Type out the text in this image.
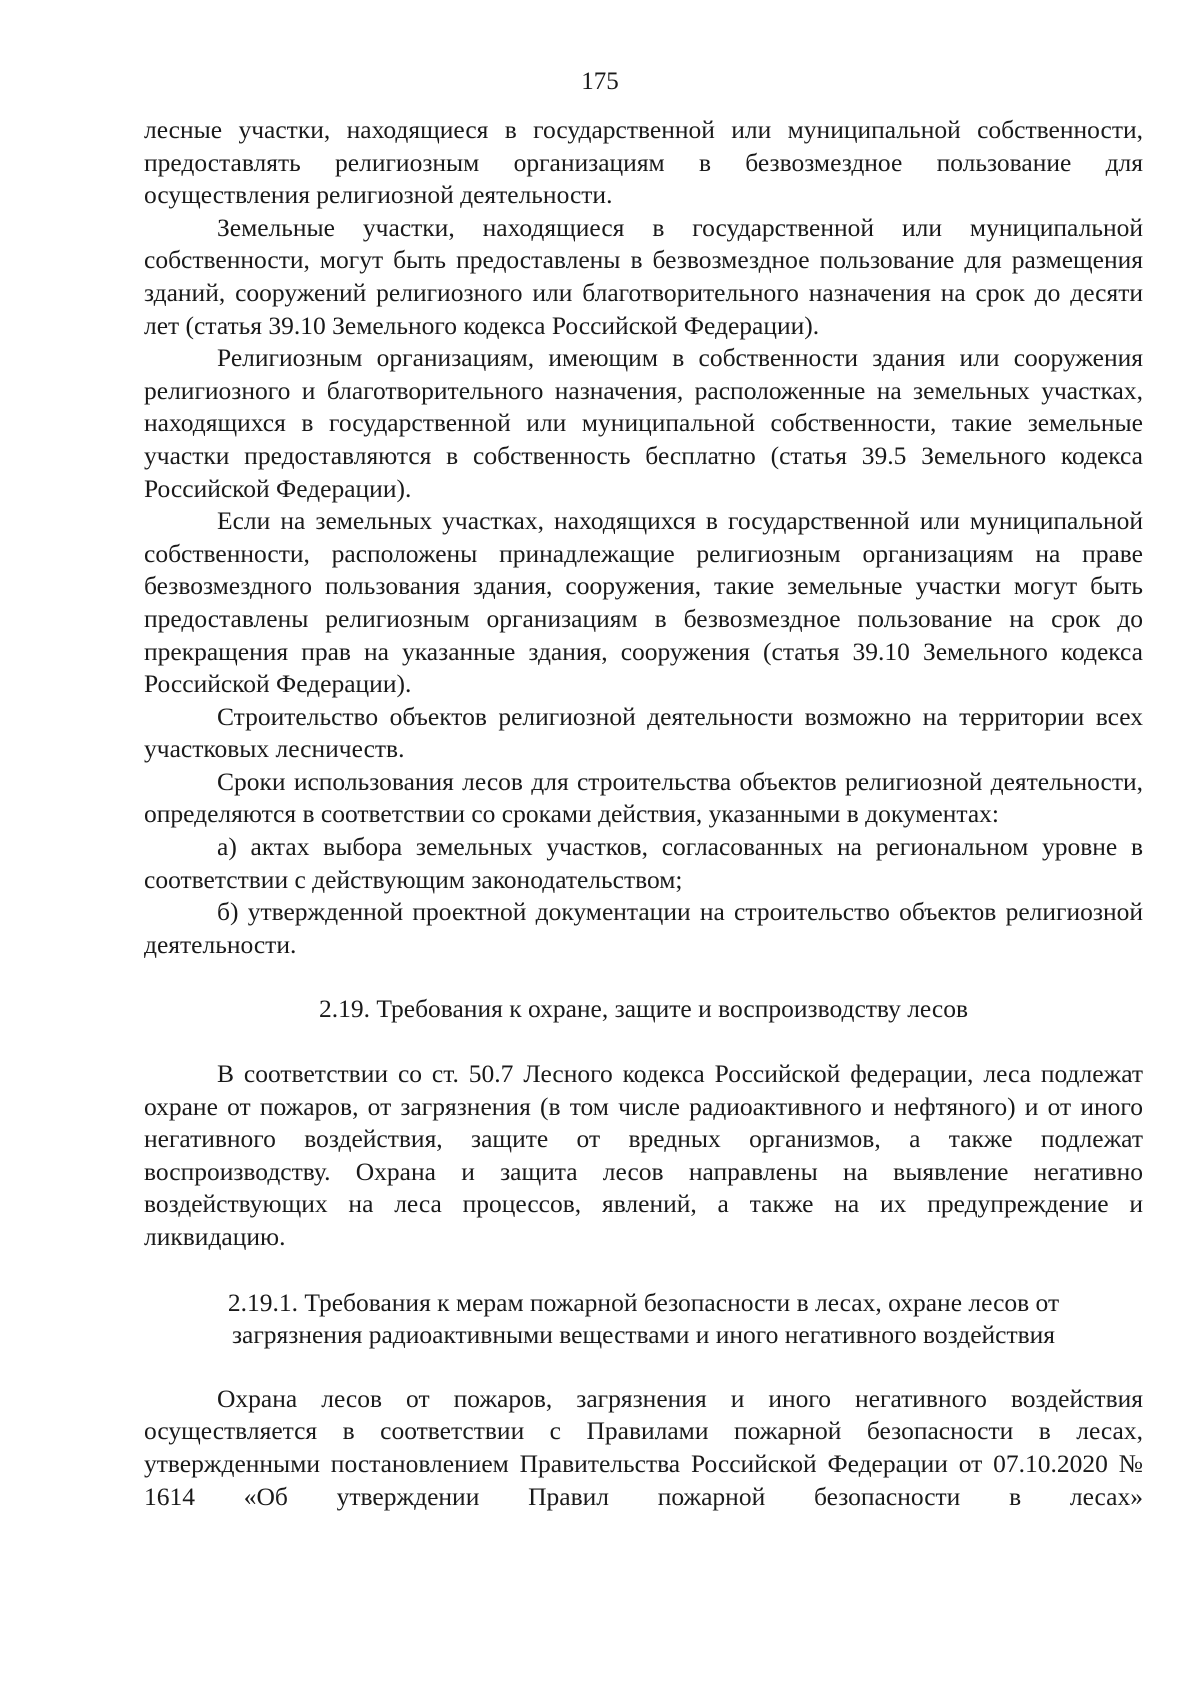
175

лесные участки, находящиеся в государственной или муниципальной собственности, предоставлять религиозным организациям в безвозмездное пользование для осуществления религиозной деятельности.

Земельные участки, находящиеся в государственной или муниципальной собственности, могут быть предоставлены в безвозмездное пользование для размещения зданий, сооружений религиозного или благотворительного назначения на срок до десяти лет (статья 39.10 Земельного кодекса Российской Федерации).

Религиозным организациям, имеющим в собственности здания или сооружения религиозного и благотворительного назначения, расположенные на земельных участках, находящихся в государственной или муниципальной собственности, такие земельные участки предоставляются в собственность бесплатно (статья 39.5 Земельного кодекса Российской Федерации).

Если на земельных участках, находящихся в государственной или муниципальной собственности, расположены принадлежащие религиозным организациям на праве безвозмездного пользования здания, сооружения, такие земельные участки могут быть предоставлены религиозным организациям в безвозмездное пользование на срок до прекращения прав на указанные здания, сооружения (статья 39.10 Земельного кодекса Российской Федерации).

Строительство объектов религиозной деятельности возможно на территории всех участковых лесничеств.

Сроки использования лесов для строительства объектов религиозной деятельности, определяются в соответствии со сроками действия, указанными в документах:

а) актах выбора земельных участков, согласованных на региональном уровне в соответствии с действующим законодательством;

б) утвержденной проектной документации на строительство объектов религиозной деятельности.

2.19. Требования к охране, защите и воспроизводству лесов

В соответствии со ст. 50.7 Лесного кодекса Российской федерации, леса подлежат охране от пожаров, от загрязнения (в том числе радиоактивного и нефтяного) и от иного негативного воздействия, защите от вредных организмов, а также подлежат воспроизводству. Охрана и защита лесов направлены на выявление негативно воздействующих на леса процессов, явлений, а также на их предупреждение и ликвидацию.

2.19.1. Требования к мерам пожарной безопасности в лесах, охране лесов от

загрязнения радиоактивными веществами и иного негативного воздействия

Охрана лесов от пожаров, загрязнения и иного негативного воздействия осуществляется в соответствии с Правилами пожарной безопасности в лесах, утвержденными постановлением Правительства Российской Федерации от 07.10.2020 № 1614 «Об утверждении Правил пожарной безопасности в лесах»
